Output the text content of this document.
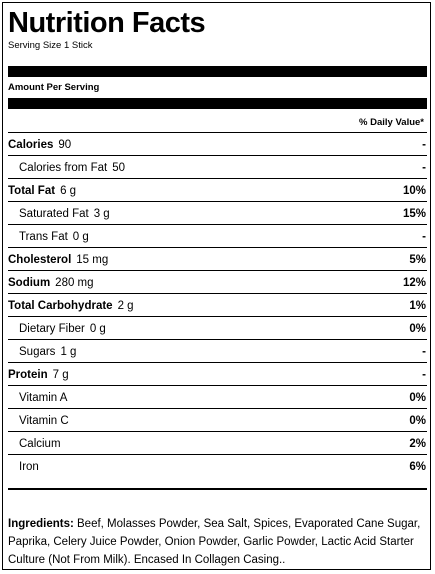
Nutrition Facts
Serving Size 1 Stick
Amount Per Serving
% Daily Value*
Calories 90	-
Calories from Fat 50	-
Total Fat 6 g	10%
Saturated Fat 3 g	15%
Trans Fat 0 g	-
Cholesterol 15 mg	5%
Sodium 280 mg	12%
Total Carbohydrate 2 g	1%
Dietary Fiber 0 g	0%
Sugars 1 g	-
Protein 7 g	-
Vitamin A	0%
Vitamin C	0%
Calcium	2%
Iron	6%
Ingredients: Beef, Molasses Powder, Sea Salt, Spices, Evaporated Cane Sugar, Paprika, Celery Juice Powder, Onion Powder, Garlic Powder, Lactic Acid Starter Culture (Not From Milk). Encased In Collagen Casing..
